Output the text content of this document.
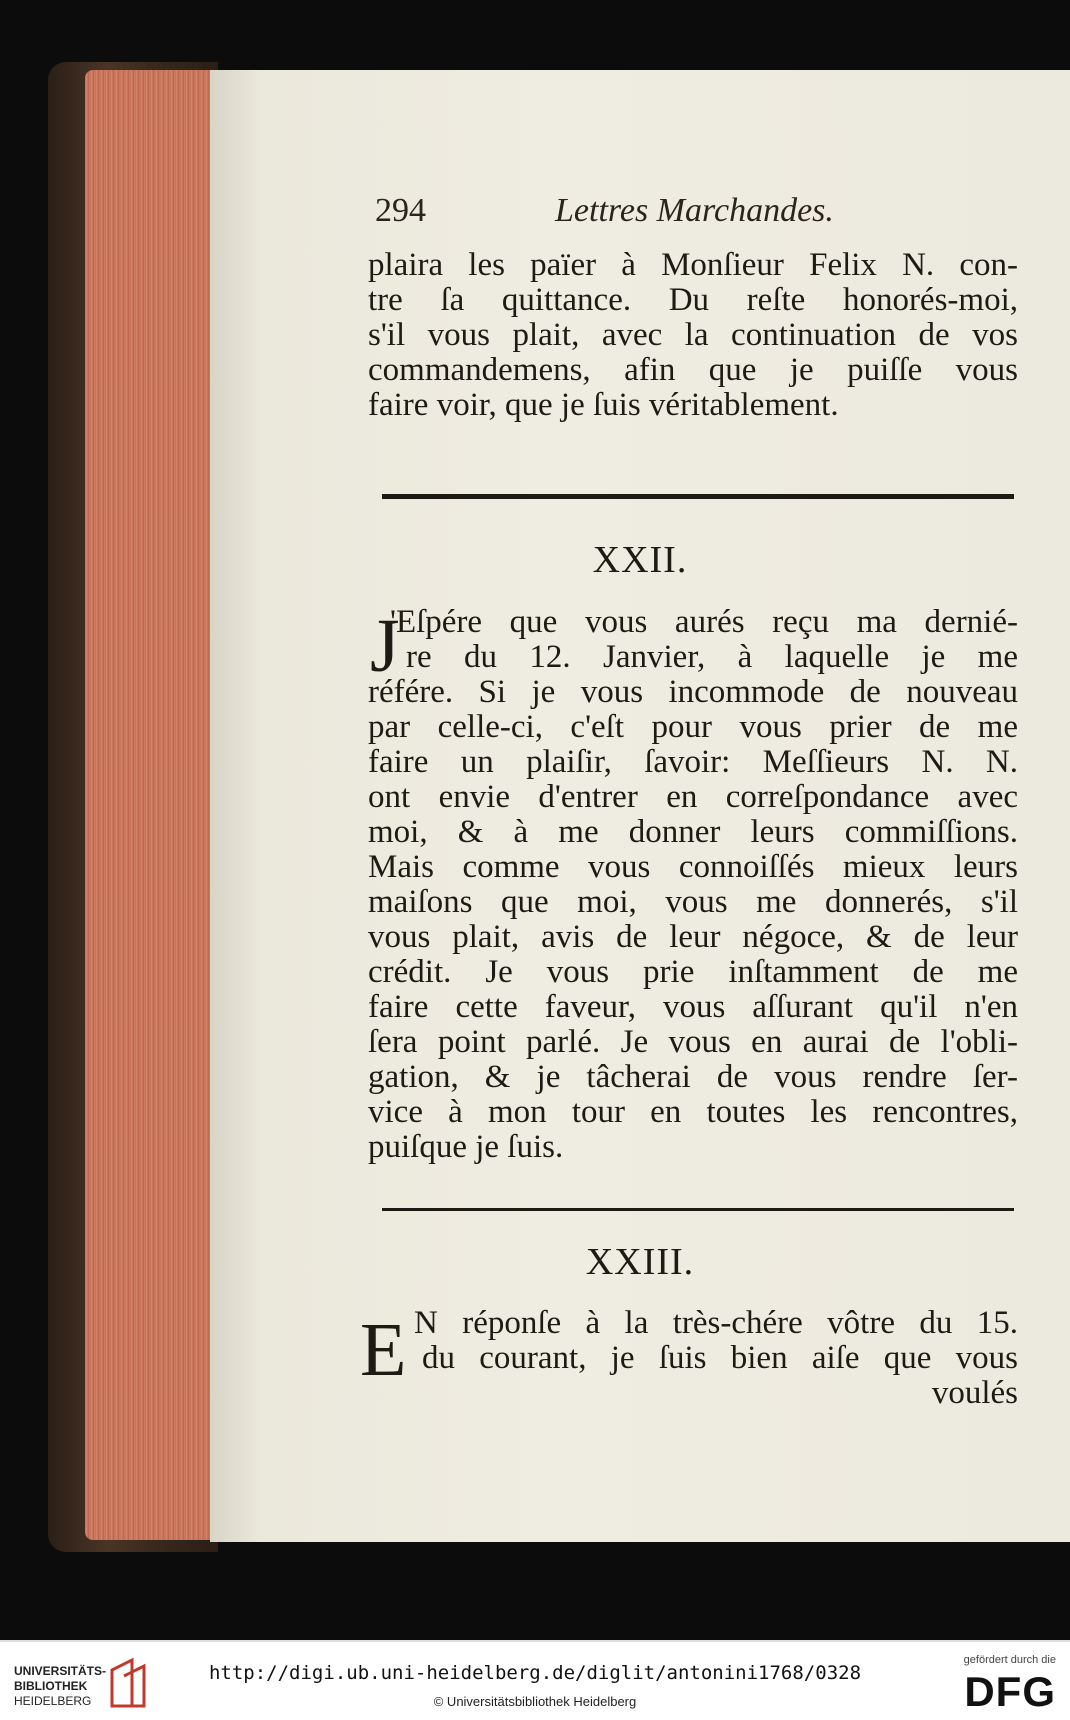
294	Lettres Marchandes.
plaira les païer à Monſieur Felix N. con-
tre ſa quittance. Du reſte honorés-moi,
s'il vous plait, avec la continuation de vos
commandemens, afin que je puiſſe vous
faire voir, que je ſuis véritablement.
XXII.
J
'Eſpére que vous aurés reçu ma dernié-
re du 12. Janvier, à laquelle je me
référe. Si je vous incommode de nouveau
par celle-ci, c'eſt pour vous prier de me
faire un plaiſir, ſavoir: Meſſieurs N. N.
ont envie d'entrer en correſpondance avec
moi, & à me donner leurs commiſſions.
Mais comme vous connoiſſés mieux leurs
maiſons que moi, vous me donnerés, s'il
vous plait, avis de leur négoce, & de leur
crédit. Je vous prie inſtamment de me
faire cette faveur, vous aſſurant qu'il n'en
ſera point parlé. Je vous en aurai de l'obli-
gation, & je tâcherai de vous rendre ſer-
vice à mon tour en toutes les rencontres,
puiſque je ſuis.
XXIII.
E N réponſe à la très-chére vôtre du 15.
du courant, je ſuis bien aiſe que vous
voulés
UNIVERSITÄTS-
BIBLIOTHEK
HEIDELBERG
http://digi.ub.uni-heidelberg.de/diglit/antonini1768/0328
© Universitätsbibliothek Heidelberg
gefördert durch die
DFG
